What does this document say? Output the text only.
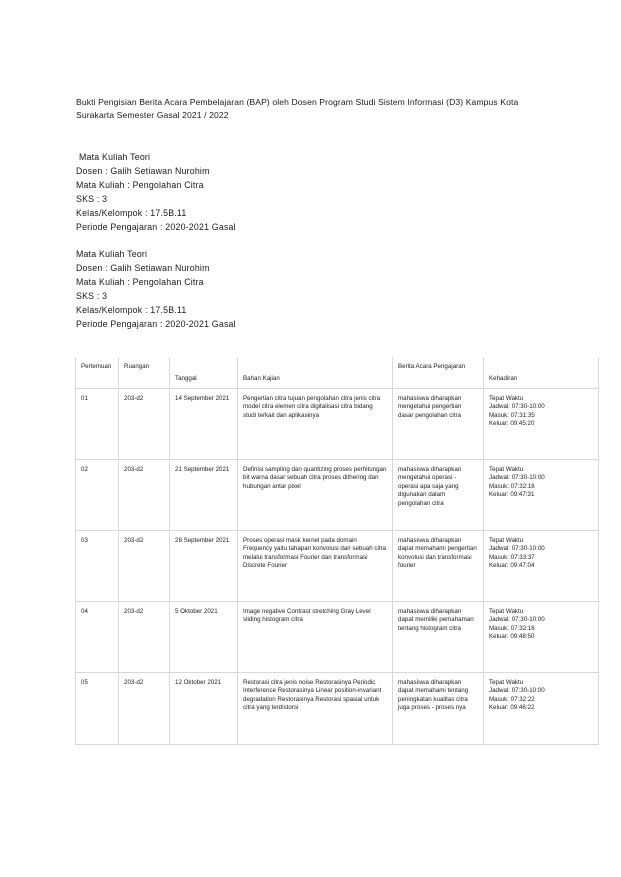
Bukti Pengisian Berita Acara Pembelajaran (BAP) oleh Dosen Program Studi Sistem Informasi (D3) Kampus Kota Surakarta Semester Gasal 2021 / 2022
Mata Kuliah Teori
Dosen : Galih Setiawan Nurohim
Mata Kuliah : Pengolahan Citra
SKS : 3
Kelas/Kelompok : 17.5B.11
Periode Pengajaran : 2020-2021 Gasal
Mata Kuliah Teori
Dosen : Galih Setiawan Nurohim
Mata Kuliah : Pengolahan Citra
SKS : 3
Kelas/Kelompok : 17.5B.11
Periode Pengajaran : 2020-2021 Gasal
Pertemuan	Ruangan	Tanggal	Bahan Kajian	Berita Acara Pengajaran	Kehadiran
01	203-d2	14 September 2021	Pengertian citra tujuan pengolahan citra jenis citra model citra elemen citra digitalisasi citra bidang studi terkait dan aplikasinya	mahasiswa diharapkan mengetahui pengertian dasar pengolahan citra	Tepat Waktu
Jadwal: 07:30-10:00
Masuk: 07:31:35
Keluar: 09:45:20

02	203-d2	21 September 2021	Definisi sampling dan quantizing proses perhitungan bit warna dasar sebuah citra proses dithering dan hubungan antar pixel	mahasiswa diharapkan mengetahui operasi - operasi apa saja yang digunakan dalam pengolahan citra	Tepat Waktu
Jadwal: 07:30-10:00
Masuk: 07:32:16
Keluar: 09:47:31

03	203-d2	28 September 2021	Proses operasi mask kernel pada domain Frequency yaitu tahapan konvolusi dari sebuah citra melalui transformasi Fourier dan transformasi Discrete Fourier	mahasiswa diharapkan dapat memahami pengertian konvolusi dan transformasi fourier	Tepat Waktu
Jadwal: 07:30-10:00
Masuk: 07:33:37
Keluar: 09:47:04

04	203-d2	5 Oktober 2021	Image negative Contrast stretching Gray Level sliding histogram citra	mahasiswa diharapkan dapat memiliki pemahaman tentang histogram citra	Tepat Waktu
Jadwal: 07:30-10:00
Masuk: 07:32:16
Keluar: 09:48:50

05	203-d2	12 Oktober 2021	Restorasi citra jenis noise Restorasinya Periodic Interference Restorasinya Linear position-invariant degradation Restorasinya Restorasi spasial untuk citra yang terdistorsi	mahasiswa diharapkan dapat memahami tentang peningkatan kualitas citra juga proses - proses nya	Tepat Waktu
Jadwal: 07:30-10:00
Masuk: 07:32:22
Keluar: 09:46:22
